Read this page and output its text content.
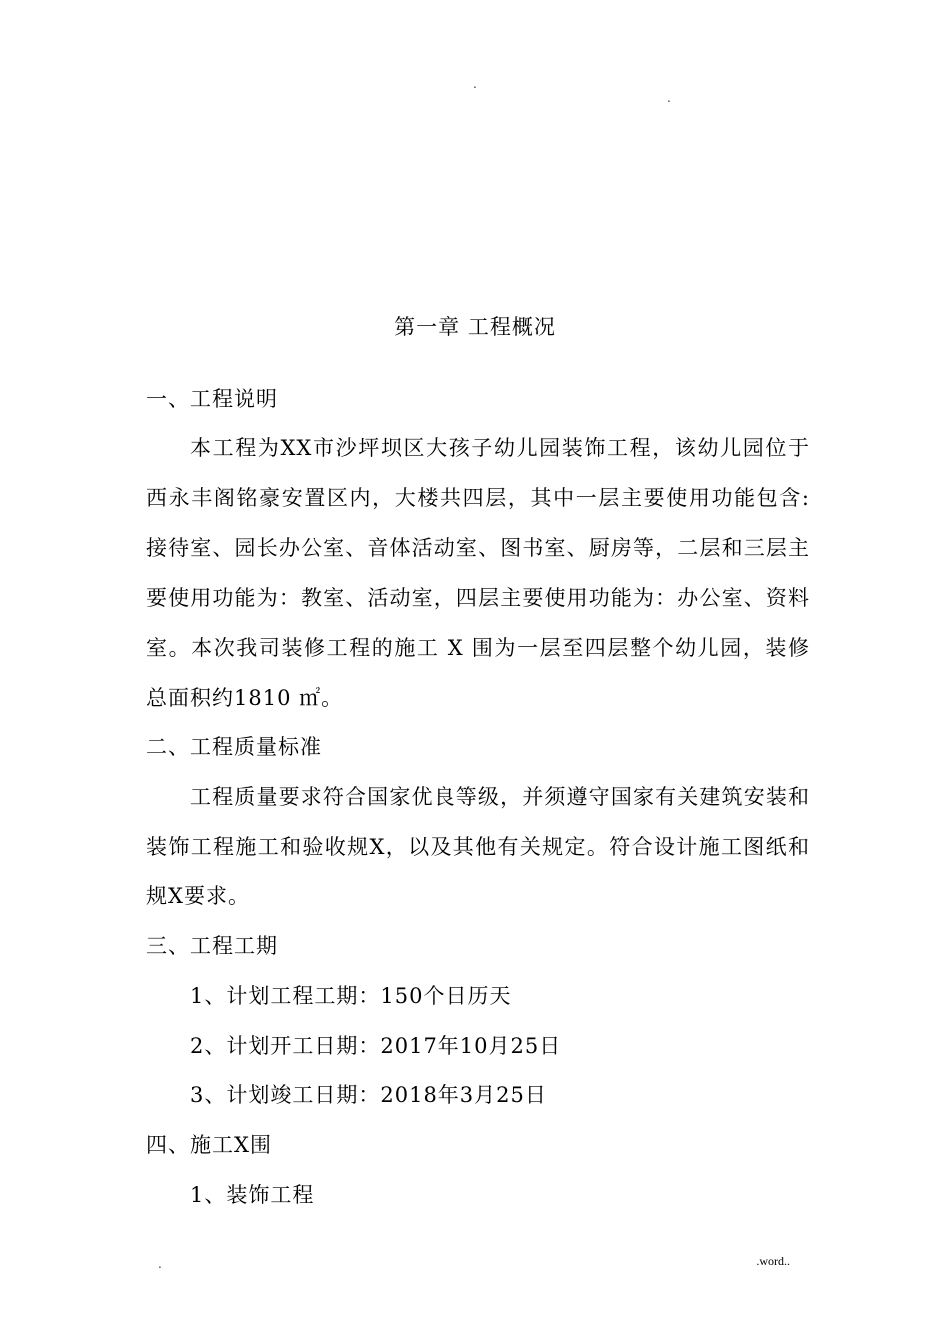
.
.
第一章 工程概况
一、工程说明
本工程为XX市沙坪坝区大孩子幼儿园装饰工程，该幼儿园位于
西永丰阁铭豪安置区内，大楼共四层，其中一层主要使用功能包含:
接待室、园长办公室、音体活动室、图书室、厨房等，二层和三层主
要使用功能为：教室、活动室，四层主要使用功能为：办公室、资料
室。本次我司装修工程的施工 X 围为一层至四层整个幼儿园，装修
总面积约1810 ㎡。
二、工程质量标准
工程质量要求符合国家优良等级，并须遵守国家有关建筑安装和
装饰工程施工和验收规X，以及其他有关规定。符合设计施工图纸和
规X要求。
三、工程工期
1、计划工程工期：150个日历天
2、计划开工日期：2017年10月25日
3、计划竣工日期：2018年3月25日
四、施工X围
1、装饰工程
.	.word..
